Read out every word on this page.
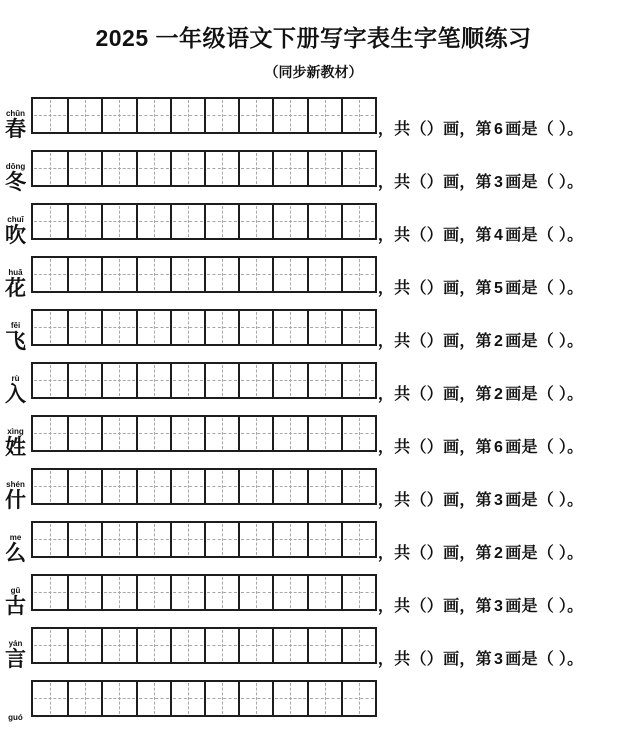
2025 一年级语文下册写字表生字笔顺练习
（同步新教材）
chūn
春	，共（）画，第 6 画是（ ）。
dōng
冬	，共（）画，第 3 画是（ ）。
chuī
吹	，共（）画，第 4 画是（ ）。
huā
花	，共（）画，第 5 画是（ ）。
fēi
飞	，共（）画，第 2 画是（ ）。
rù
入	，共（）画，第 2 画是（ ）。
xìng
姓	，共（）画，第 6 画是（ ）。
shén
什	，共（）画，第 3 画是（ ）。
me
么	，共（）画，第 2 画是（ ）。
gǔ
古	，共（）画，第 3 画是（ ）。
yán
言	，共（）画，第 3 画是（ ）。
guó
